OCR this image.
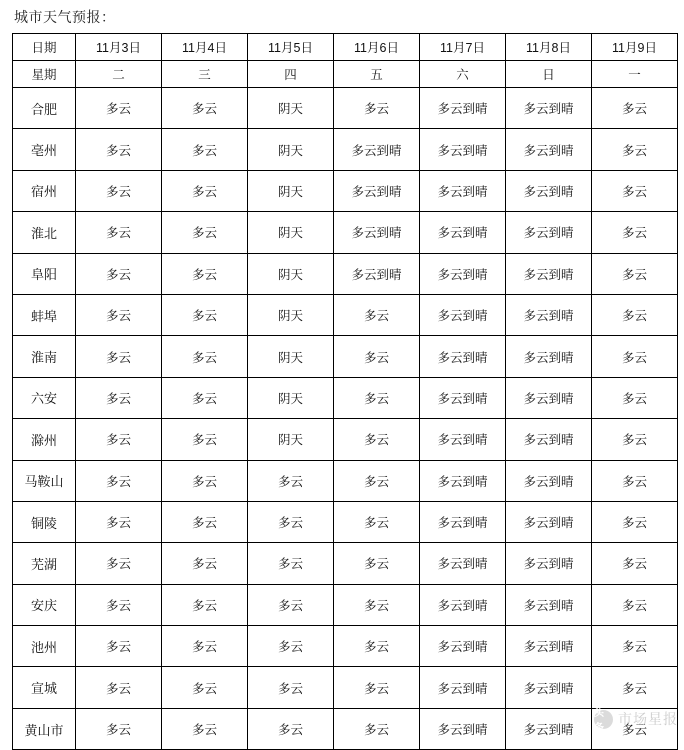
城市天气预报：
日期	11月3日	11月4日	11月5日	11月6日	11月7日	11月8日	11月9日
星期	二	三	四	五	六	日	一
合肥	多云	多云	阴天	多云	多云到晴	多云到晴	多云
亳州	多云	多云	阴天	多云到晴	多云到晴	多云到晴	多云
宿州	多云	多云	阴天	多云到晴	多云到晴	多云到晴	多云
淮北	多云	多云	阴天	多云到晴	多云到晴	多云到晴	多云
阜阳	多云	多云	阴天	多云到晴	多云到晴	多云到晴	多云
蚌埠	多云	多云	阴天	多云	多云到晴	多云到晴	多云
淮南	多云	多云	阴天	多云	多云到晴	多云到晴	多云
六安	多云	多云	阴天	多云	多云到晴	多云到晴	多云
滁州	多云	多云	阴天	多云	多云到晴	多云到晴	多云
马鞍山	多云	多云	多云	多云	多云到晴	多云到晴	多云
铜陵	多云	多云	多云	多云	多云到晴	多云到晴	多云
芜湖	多云	多云	多云	多云	多云到晴	多云到晴	多云
安庆	多云	多云	多云	多云	多云到晴	多云到晴	多云
池州	多云	多云	多云	多云	多云到晴	多云到晴	多云
宣城	多云	多云	多云	多云	多云到晴	多云到晴	多云
黄山市	多云	多云	多云	多云	多云到晴	多云到晴	多云
头条
市场星报
